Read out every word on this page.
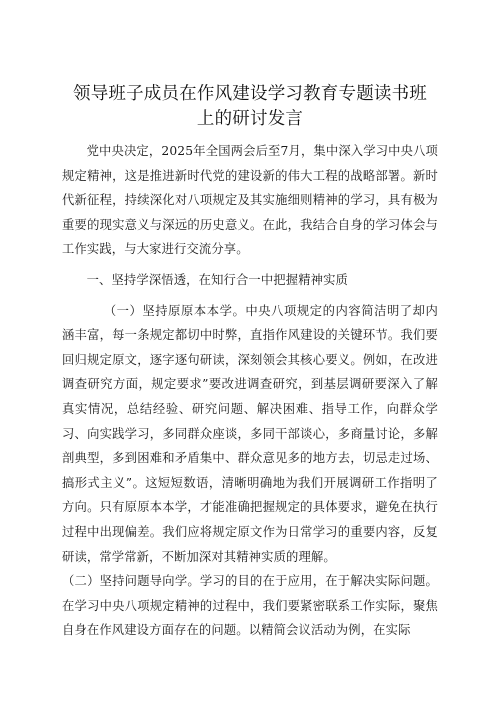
领导班子成员在作风建设学习教育专题读书班
上的研讨发言

党中央决定，2025年全国两会后至7月，集中深入学习中央八项规定精神，这是推进新时代党的建设新的伟大工程的战略部署。新时代新征程，持续深化对八项规定及其实施细则精神的学习，具有极为重要的现实意义与深远的历史意义。在此，我结合自身的学习体会与工作实践，与大家进行交流分享。

一、坚持学深悟透，在知行合一中把握精神实质

（一）坚持原原本本学。中央八项规定的内容简洁明了却内涵丰富，每一条规定都切中时弊，直指作风建设的关键环节。我们要回归规定原文，逐字逐句研读，深刻领会其核心要义。例如，在改进调查研究方面，规定要求”要改进调查研究，到基层调研要深入了解真实情况，总结经验、研究问题、解决困难、指导工作，向群众学习、向实践学习，多同群众座谈，多同干部谈心，多商量讨论，多解剖典型，多到困难和矛盾集中、群众意见多的地方去，切忌走过场、搞形式主义”。这短短数语，清晰明确地为我们开展调研工作指明了方向。只有原原本本学，才能准确把握规定的具体要求，避免在执行过程中出现偏差。我们应将规定原文作为日常学习的重要内容，反复研读，常学常新，不断加深对其精神实质的理解。

（二）坚持问题导向学。学习的目的在于应用，在于解决实际问题。在学习中央八项规定精神的过程中，我们要紧密联系工作实际，聚焦自身在作风建设方面存在的问题。以精简会议活动为例，在实际
